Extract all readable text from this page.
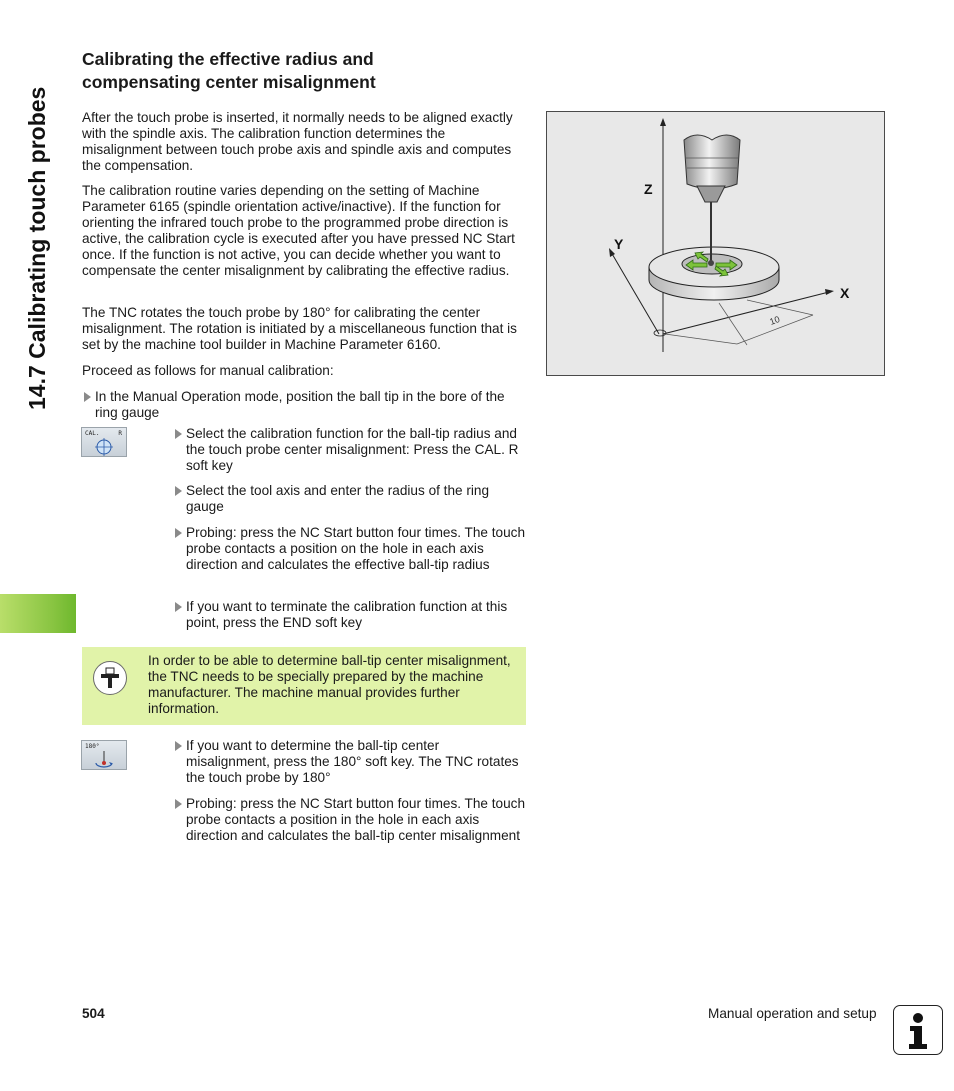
14.7 Calibrating touch probes
Calibrating the effective radius and
compensating center misalignment

After the touch probe is inserted, it normally needs to be aligned exactly with the spindle axis. The calibration function determines the misalignment between touch probe axis and spindle axis and computes the compensation.

The calibration routine varies depending on the setting of Machine Parameter 6165 (spindle orientation active/inactive). If the function for orienting the infrared touch probe to the programmed probe direction is active, the calibration cycle is executed after you have pressed NC Start once. If the function is not active, you can decide whether you want to compensate the center misalignment by calibrating the effective radius.

The TNC rotates the touch probe by 180° for calibrating the center misalignment. The rotation is initiated by a miscellaneous function that is set by the machine tool builder in Machine Parameter 6160.

Proceed as follows for manual calibration:

In the Manual Operation mode, position the ball tip in the bore of the ring gauge
CAL.	R	Select the calibration function for the ball-tip radius and the touch probe center misalignment: Press the CAL. R soft key
Select the tool axis and enter the radius of the ring gauge
Probing: press the NC Start button four times. The touch probe contacts a position on the hole in each axis direction and calculates the effective ball-tip radius
If you want to terminate the calibration function at this point, press the END soft key
In order to be able to determine ball-tip center misalignment, the TNC needs to be specially prepared by the machine manufacturer. The machine manual provides further information.
180°	If you want to determine the ball-tip center misalignment, press the 180° soft key. The TNC rotates the touch probe by 180°
Probing: press the NC Start button four times. The touch probe contacts a position in the hole in each axis direction and calculates the ball-tip center misalignment
Z
Y
X
10
504	Manual operation and setup
